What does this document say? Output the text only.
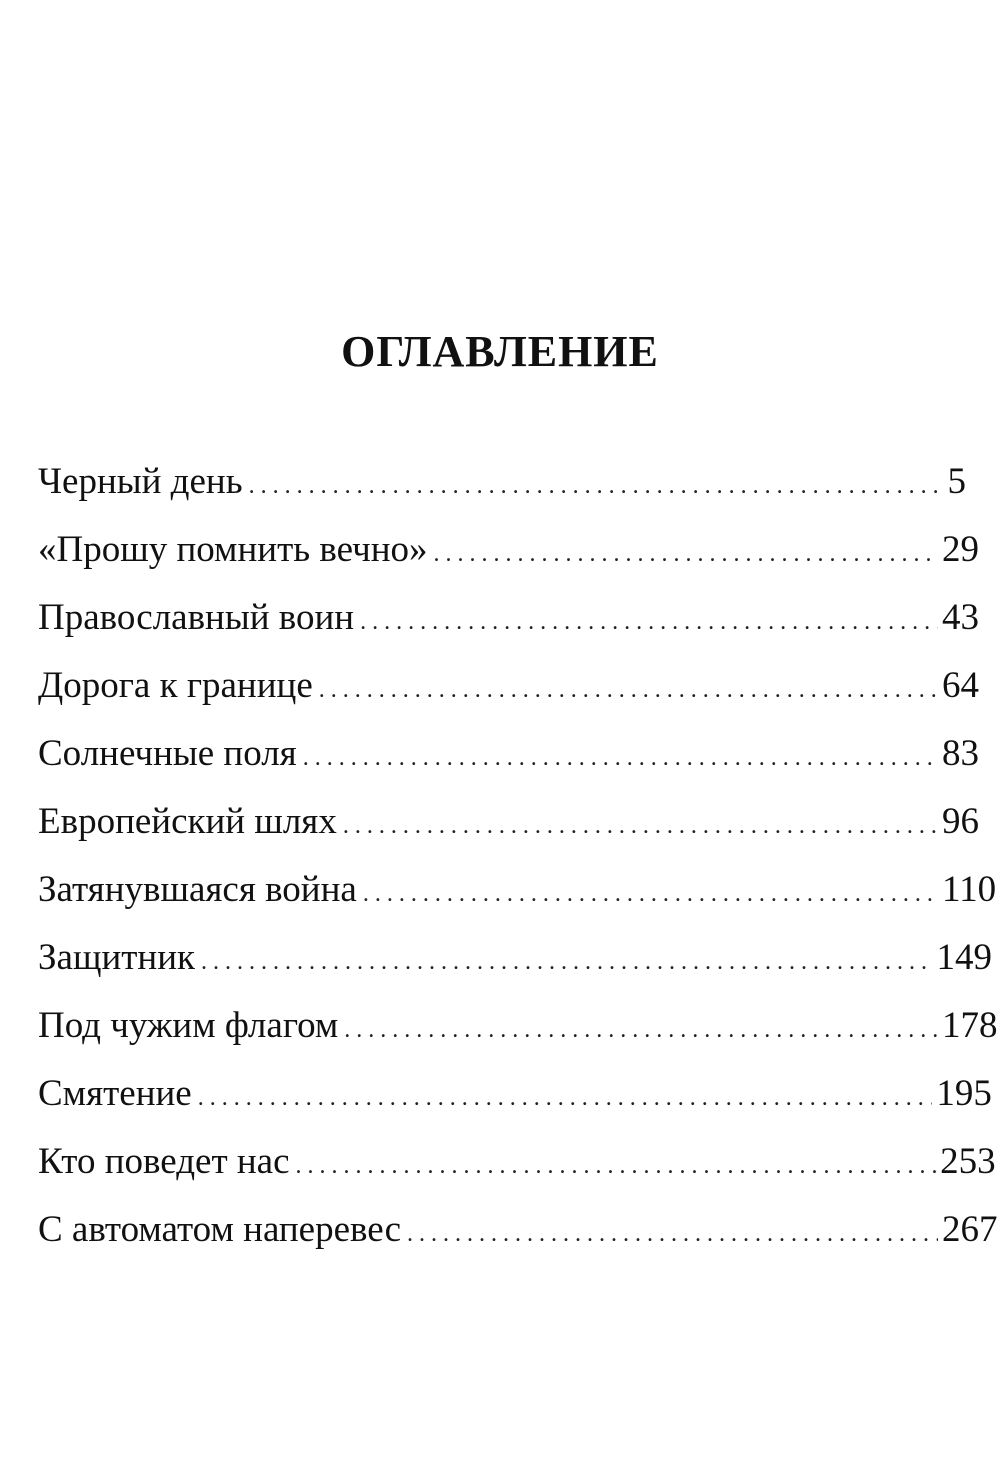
ОГЛАВЛЕНИЕ
Черный день . . .	5
«Прошу помнить вечно» . . .	29
Православный воин . . .	43
Дорога к границе . . .	64
Солнечные поля . . .	83
Европейский шлях . . .	96
Затянувшаяся война . . .	110
Защитник . . .	149
Под чужим флагом . . .	178
Смятение . . .	195
Кто поведет нас . . .	253
С автоматом наперевес . . .	267
